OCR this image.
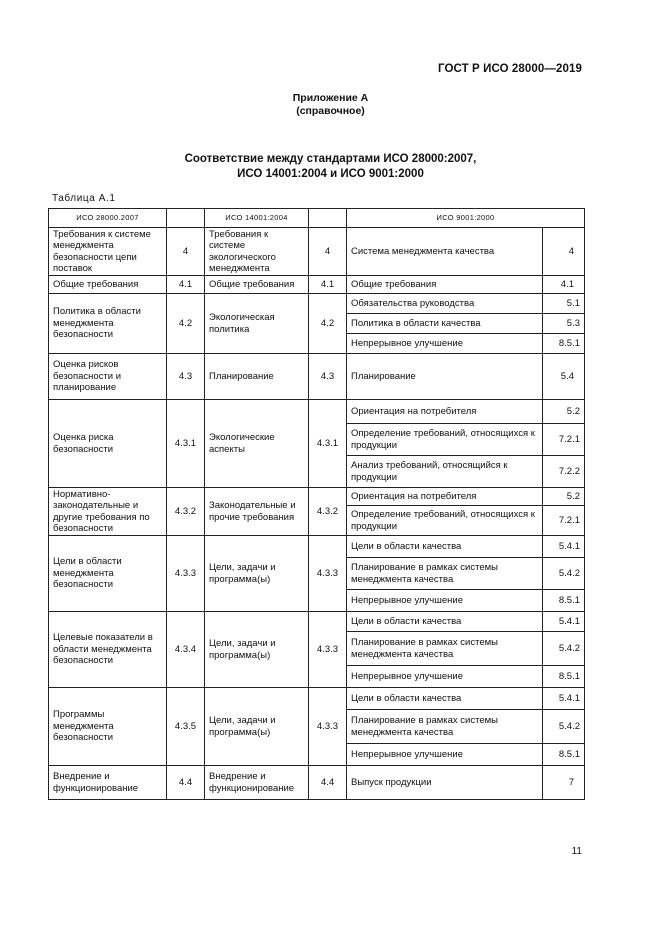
ГОСТ Р ИСО 28000—2019
Приложение А
(справочное)
Соответствие между стандартами ИСО 28000:2007,
ИСО 14001:2004 и ИСО 9001:2000
Таблица А.1
ИСО 28000.2007		ИСО 14001:2004		ИСО 9001:2000	
Требования к системе менеджмента безопасности цепи поставок	4	Требования к системе экологического менеджмента	4	Система менеджмента качества	4
Общие требования	4.1	Общие требования	4.1	Общие требования	4.1
Политика в области менеджмента безопасности	4.2	Экологическая политика	4.2	Обязательства руководства	5.1
				Политика в области качества	5.3
				Непрерывное улучшение	8.5.1
Оценка рисков безопасности и планирование	4.3	Планирование	4.3	Планирование	5.4
Оценка риска безопасности	4.3.1	Экологические аспекты	4.3.1	Ориентация на потребителя	5.2
				Определение требований, относящихся к продукции	7.2.1
				Анализ требований, относящийся к продукции	7.2.2
Нормативно-законодательные и другие требования по безопасности	4.3.2	Законодательные и прочие требования	4.3.2	Ориентация на потребителя	5.2
				Определение требований, относящихся к продукции	7.2.1
Цели в области менеджмента безопасности	4.3.3	Цели, задачи и программа(ы)	4.3.3	Цели в области качества	5.4.1
				Планирование в рамках системы менеджмента качества	5.4.2
				Непрерывное улучшение	8.5.1
Целевые показатели в области менеджмента безопасности	4.3.4	Цели, задачи и программа(ы)	4.3.3	Цели в области качества	5.4.1
				Планирование в рамках системы менеджмента качества	5.4.2
				Непрерывное улучшение	8.5.1
Программы менеджмента безопасности	4.3.5	Цели, задачи и программа(ы)	4.3.3	Цели в области качества	5.4.1
				Планирование в рамках системы менеджмента качества	5.4.2
				Непрерывное улучшение	8.5.1
Внедрение и функционирование	4.4	Внедрение и функционирование	4.4	Выпуск продукции	7
11
